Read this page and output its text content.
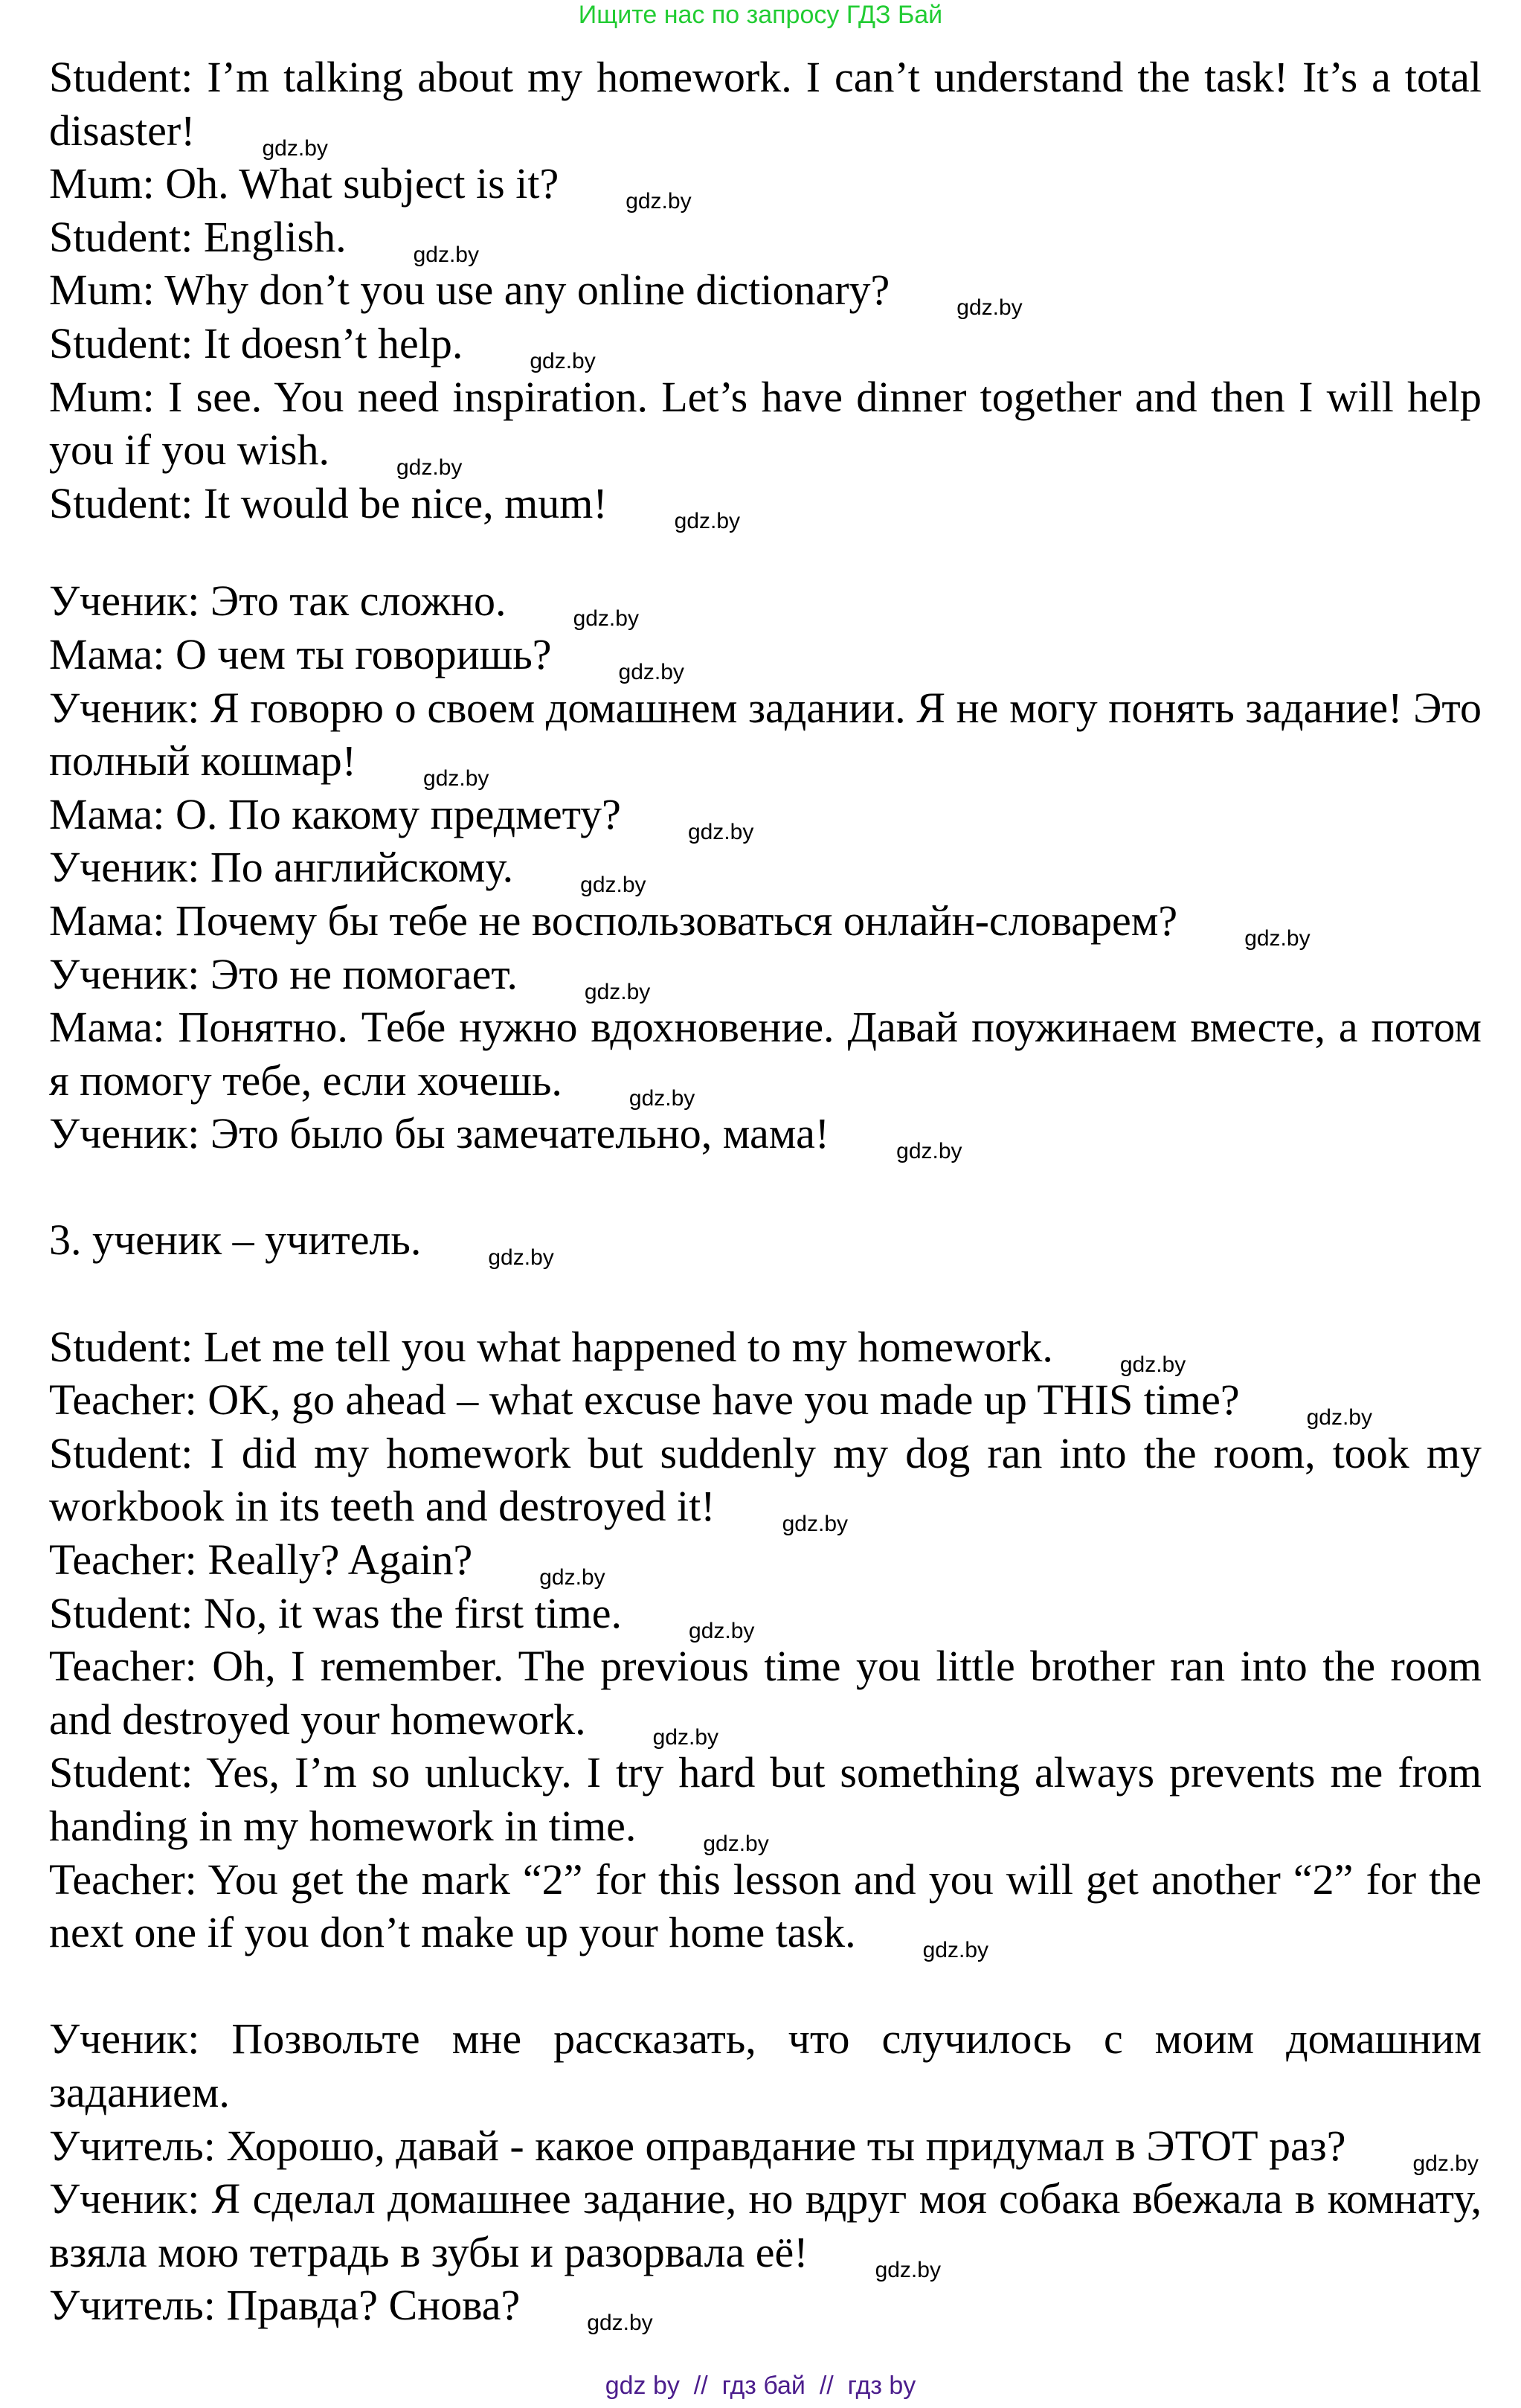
Ищите нас по запросу ГДЗ Бай

Student: I’m talking about my homework. I can’t understand the task! It’s a total disaster!	$_{gdz.by}$

Mum: Oh. What subject is it?	$_{gdz.by}$

Student: English.	$_{gdz.by}$

Mum: Why don’t you use any online dictionary?	$_{gdz.by}$

Student: It doesn’t help.	$_{gdz.by}$

Mum: I see. You need inspiration. Let’s have dinner together and then I will help you if you wish.	$_{gdz.by}$

Student: It would be nice, mum!	$_{gdz.by}$

Ученик: Это так сложно.	$_{gdz.by}$

Мама: О чем ты говоришь?	$_{gdz.by}$

Ученик: Я говорю о своем домашнем задании. Я не могу понять задание! Это полный кошмар!	$_{gdz.by}$

Мама: О. По какому предмету?	$_{gdz.by}$

Ученик: По английскому.	$_{gdz.by}$

Мама: Почему бы тебе не воспользоваться онлайн-словарем?	$_{gdz.by}$

Ученик: Это не помогает.	$_{gdz.by}$

Мама: Понятно. Тебе нужно вдохновение. Давай поужинаем вместе, а потом я помогу тебе, если хочешь.	$_{gdz.by}$

Ученик: Это было бы замечательно, мама!	$_{gdz.by}$

3. ученик – учитель.	$_{gdz.by}$

Student: Let me tell you what happened to my homework.	$_{gdz.by}$

Teacher: OK, go ahead – what excuse have you made up THIS time?	$_{gdz.by}$

Student: I did my homework but suddenly my dog ran into the room, took my workbook in its teeth and destroyed it!	$_{gdz.by}$

Teacher: Really? Again?	$_{gdz.by}$

Student: No, it was the first time.	$_{gdz.by}$

Teacher: Oh, I remember. The previous time you little brother ran into the room and destroyed your homework.	$_{gdz.by}$

Student: Yes, I’m so unlucky. I try hard but something always prevents me from handing in my homework in time.	$_{gdz.by}$

Teacher: You get the mark “2” for this lesson and you will get another “2” for the next one if you don’t make up your home task.	$_{gdz.by}$

Ученик: Позвольте мне рассказать, что случилось с моим домашним заданием.

Учитель: Хорошо, давай - какое оправдание ты придумал в ЭТОТ раз?	$_{gdz.by}$

Ученик: Я сделал домашнее задание, но вдруг моя собака вбежала в комнату, взяла мою тетрадь в зубы и разорвала её!	$_{gdz.by}$

Учитель: Правда? Снова?	$_{gdz.by}$

gdz by  //  гдз бай  //  гдз by
